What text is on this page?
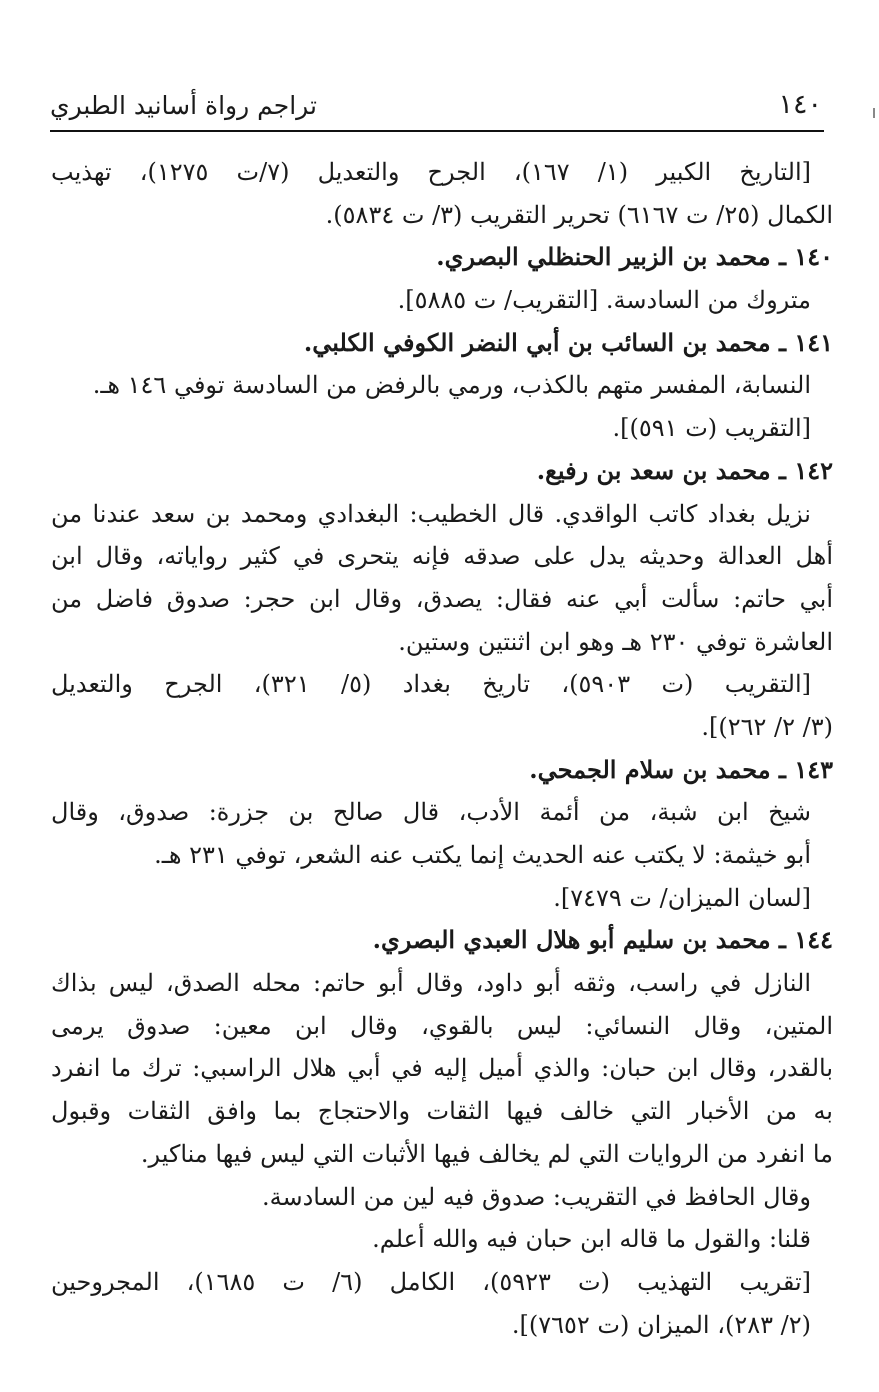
١٤٠
تراجم رواة أسانيد الطبري
[التاريخ الكبير (١/ ١٦٧)، الجرح والتعديل (٧/ت ١٢٧٥)، تهذيب
الكمال (٢٥/ ت ٦١٦٧) تحرير التقريب (٣/ ت ٥٨٣٤).
١٤٠ ـ محمد بن الزبير الحنظلي البصري.
متروك من السادسة. [التقريب/ ت ٥٨٨٥].
١٤١ ـ محمد بن السائب بن أبي النضر الكوفي الكلبي.
النسابة، المفسر متهم بالكذب، ورمي بالرفض من السادسة توفي ١٤٦ هـ.
[التقريب (ت ٥٩١)].
١٤٢ ـ محمد بن سعد بن رفيع.
نزيل بغداد كاتب الواقدي. قال الخطيب: البغدادي ومحمد بن سعد عندنا من
أهل العدالة وحديثه يدل على صدقه فإنه يتحرى في كثير رواياته، وقال ابن
أبي حاتم: سألت أبي عنه فقال: يصدق، وقال ابن حجر: صدوق فاضل من
العاشرة توفي ٢٣٠ هـ وهو ابن اثنتين وستين.
[التقريب (ت ٥٩٠٣)، تاريخ بغداد (٥/ ٣٢١)، الجرح والتعديل
(٣/ ٢/ ٢٦٢)].
١٤٣ ـ محمد بن سلام الجمحي.
شيخ ابن شبة، من أئمة الأدب، قال صالح بن جزرة: صدوق، وقال
أبو خيثمة: لا يكتب عنه الحديث إنما يكتب عنه الشعر، توفي ٢٣١ هـ.
[لسان الميزان/ ت ٧٤٧٩].
١٤٤ ـ محمد بن سليم أبو هلال العبدي البصري.
النازل في راسب، وثقه أبو داود، وقال أبو حاتم: محله الصدق، ليس بذاك
المتين، وقال النسائي: ليس بالقوي، وقال ابن معين: صدوق يرمى
بالقدر، وقال ابن حبان: والذي أميل إليه في أبي هلال الراسبي: ترك ما انفرد
به من الأخبار التي خالف فيها الثقات والاحتجاج بما وافق الثقات وقبول
ما انفرد من الروايات التي لم يخالف فيها الأثبات التي ليس فيها مناكير.
وقال الحافظ في التقريب: صدوق فيه لين من السادسة.
قلنا: والقول ما قاله ابن حبان فيه والله أعلم.
[تقريب التهذيب (ت ٥٩٢٣)، الكامل (٦/ ت ١٦٨٥)، المجروحين
(٢/ ٢٨٣)، الميزان (ت ٧٦٥٢)].
